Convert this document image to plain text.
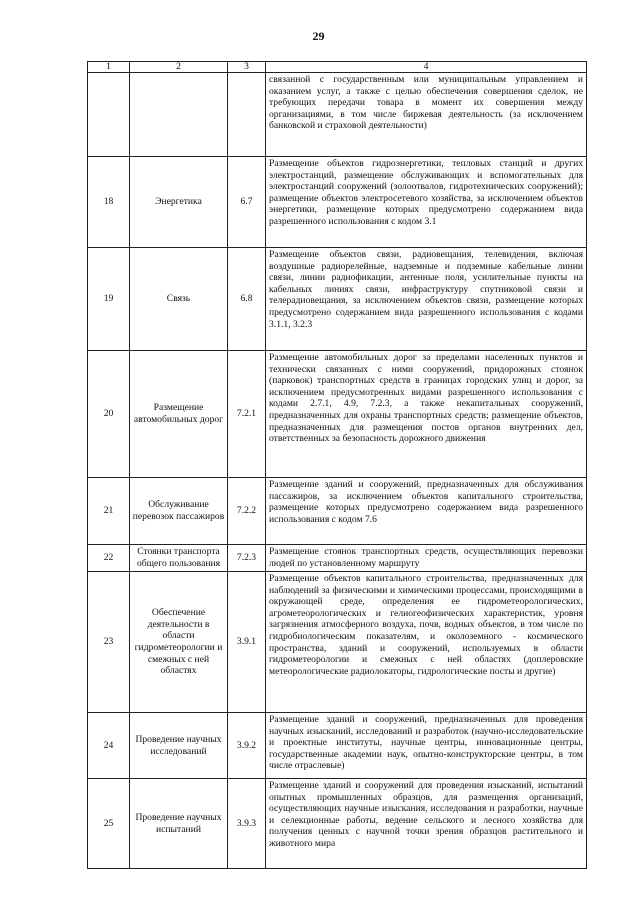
29
1	2	3	4
			связанной с государственным или муниципальным управлением и оказанием услуг, а также с целью обеспечения совершения сделок, не требующих передачи товара в момент их совершения между организациями, в том числе биржевая деятельность (за исключением банковской и страховой деятельности)
18	Энергетика	6.7	Размещение объектов гидроэнергетики, тепловых станций и других электростанций, размещение обслуживающих и вспомогательных для электростанций сооружений (золоотвалов, гидротехнических сооружений); размещение объектов электросетевого хозяйства, за исключением объектов энергетики, размещение которых предусмотрено содержанием вида разрешенного использования с кодом 3.1
19	Связь	6.8	Размещение объектов связи, радиовещания, телевидения, включая воздушные радиорелейные, надземные и подземные кабельные линии связи, линии радиофикации, антенные поля, усилительные пункты на кабельных линиях связи, инфраструктуру спутниковой связи и телерадиовещания, за исключением объектов связи, размещение которых предусмотрено содержанием вида разрешенного использования с кодами 3.1.1, 3.2.3
20	Размещение автомобильных дорог	7.2.1	Размещение автомобильных дорог за пределами населенных пунктов и технически связанных с ними сооружений, придорожных стоянок (парковок) транспортных средств в границах городских улиц и дорог, за исключением предусмотренных видами разрешенного использования с кодами 2.7.1, 4.9, 7.2.3, а также некапитальных сооружений, предназначенных для охраны транспортных средств; размещение объектов, предназначенных для размещения постов органов внутренних дел, ответственных за безопасность дорожного движения
21	Обслуживание перевозок пассажиров	7.2.2	Размещение зданий и сооружений, предназначенных для обслуживания пассажиров, за исключением объектов капитального строительства, размещение которых предусмотрено содержанием вида разрешенного использования с кодом 7.6
22	Стоянки транспорта общего пользования	7.2.3	Размещение стоянок транспортных средств, осуществляющих перевозки людей по установленному маршруту
23	Обеспечение деятельности в области гидрометеорологии и смежных с ней областях	3.9.1	Размещение объектов капитального строительства, предназначенных для наблюдений за физическими и химическими процессами, происходящими в окружающей среде, определения ее гидрометеорологических, агрометеорологических и гелиогеофизических характеристик, уровня загрязнения атмосферного воздуха, почв, водных объектов, в том числе по гидробиологическим показателям, и околоземного - космического пространства, зданий и сооружений, используемых в области гидрометеорологии и смежных с ней областях (доплеровские метеорологические радиолокаторы, гидрологические посты и другие)
24	Проведение научных исследований	3.9.2	Размещение зданий и сооружений, предназначенных для проведения научных изысканий, исследований и разработок (научно-исследовательские и проектные институты, научные центры, инновационные центры, государственные академии наук, опытно-конструкторские центры, в том числе отраслевые)
25	Проведение научных испытаний	3.9.3	Размещение зданий и сооружений для проведения изысканий, испытаний опытных промышленных образцов, для размещения организаций, осуществляющих научные изыскания, исследования и разработки, научные и селекционные работы, ведение сельского и лесного хозяйства для получения ценных с научной точки зрения образцов растительного и животного мира
